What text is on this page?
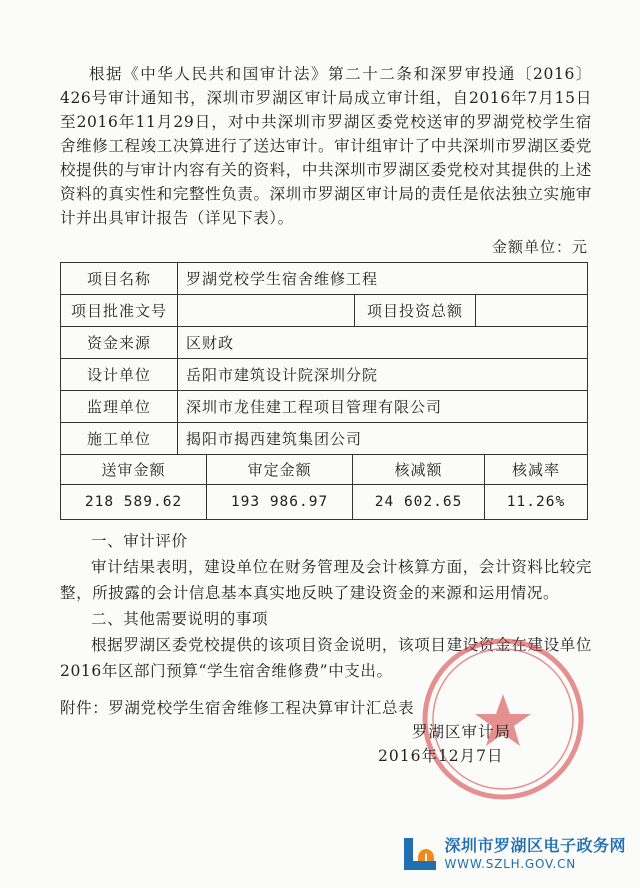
根据《中华人民共和国审计法》第二十二条和深罗审投通〔2016〕426号审计通知书，深圳市罗湖区审计局成立审计组，自2016年7月15日至2016年11月29日，对中共深圳市罗湖区委党校送审的罗湖党校学生宿舍维修工程竣工决算进行了送达审计。审计组审计了中共深圳市罗湖区委党校提供的与审计内容有关的资料，中共深圳市罗湖区委党校对其提供的上述资料的真实性和完整性负责。深圳市罗湖区审计局的责任是依法独立实施审计并出具审计报告（详见下表）。
金额单位：元
项目名称	罗湖党校学生宿舍维修工程		
项目批准文号		项目投资总额	
资金来源	区财政		
设计单位	岳阳市建筑设计院深圳分院		
监理单位	深圳市龙佳建工程项目管理有限公司		
施工单位	揭阳市揭西建筑集团公司		
送审金额	审定金额	核减额	核减率
218 589.62	193 986.97	24 602.65	11.26%

一、审计评价

审计结果表明，建设单位在财务管理及会计核算方面，会计资料比较完整，所披露的会计信息基本真实地反映了建设资金的来源和运用情况。

二、其他需要说明的事项

根据罗湖区委党校提供的该项目资金说明，该项目建设资金在建设单位2016年区部门预算“学生宿舍维修费”中支出。

附件：罗湖党校学生宿舍维修工程决算审计汇总表
罗湖区审计局
2016年12月7日
深圳市罗湖区电子政务网
WWW.SZLH.GOV.CN
